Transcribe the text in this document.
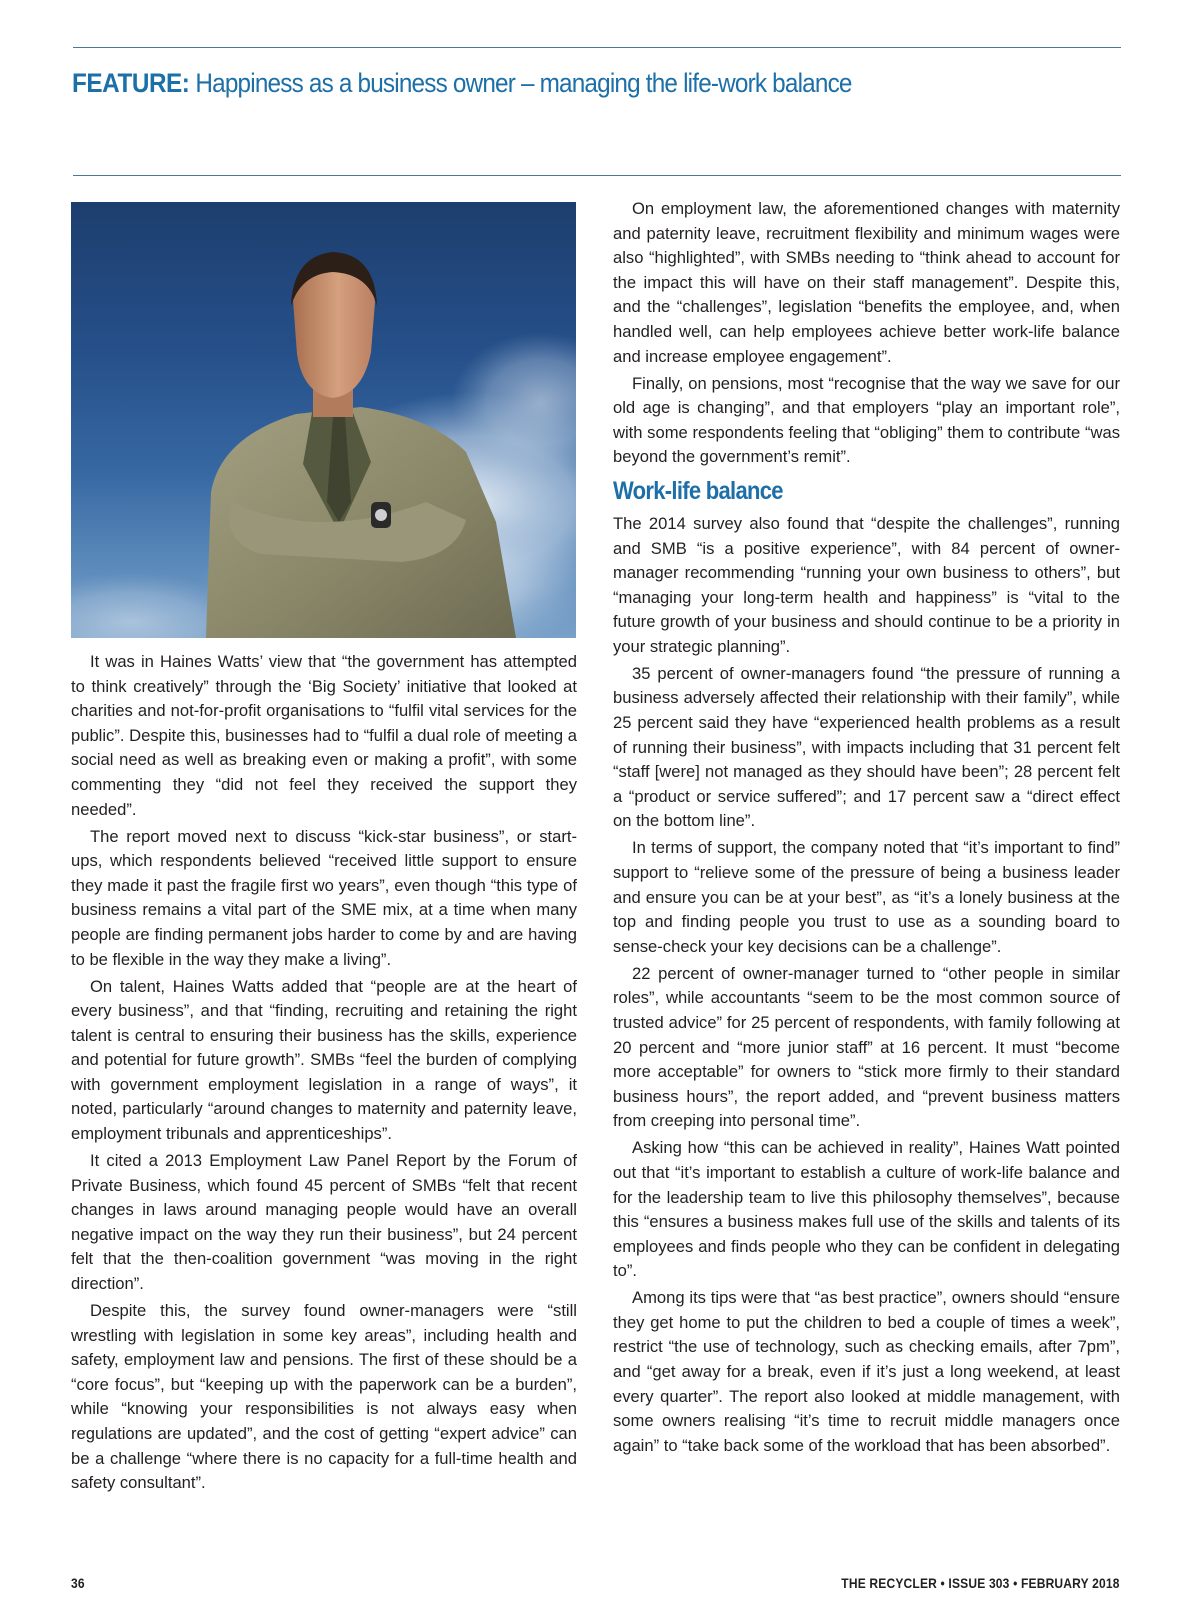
FEATURE: Happiness as a business owner – managing the life-work balance

It was in Haines Watts’ view that “the government has attempted to think creatively” through the ‘Big Society’ initiative that looked at charities and not-for-profit organisations to “fulfil vital services for the public”. Despite this, businesses had to “fulfil a dual role of meeting a social need as well as breaking even or making a profit”, with some commenting they “did not feel they received the support they needed”.

The report moved next to discuss “kick-star business”, or start-ups, which respondents believed “received little support to ensure they made it past the fragile first wo years”, even though “this type of business remains a vital part of the SME mix, at a time when many people are finding permanent jobs harder to come by and are having to be flexible in the way they make a living”.

On talent, Haines Watts added that “people are at the heart of every business”, and that “finding, recruiting and retaining the right talent is central to ensuring their business has the skills, experience and potential for future growth”. SMBs “feel the burden of complying with government employment legislation in a range of ways”, it noted, particularly “around changes to maternity and paternity leave, employment tribunals and apprenticeships”.

It cited a 2013 Employment Law Panel Report by the Forum of Private Business, which found 45 percent of SMBs “felt that recent changes in laws around managing people would have an overall negative impact on the way they run their business”, but 24 percent felt that the then-coalition government “was moving in the right direction”.

Despite this, the survey found owner-managers were “still wrestling with legislation in some key areas”, including health and safety, employment law and pensions. The first of these should be a “core focus”, but “keeping up with the paperwork can be a burden”, while “knowing your responsibilities is not always easy when regulations are updated”, and the cost of getting “expert advice” can be a challenge “where there is no capacity for a full-time health and safety consultant”.

On employment law, the aforementioned changes with maternity and paternity leave, recruitment flexibility and minimum wages were also “highlighted”, with SMBs needing to “think ahead to account for the impact this will have on their staff management”. Despite this, and the “challenges”, legislation “benefits the employee, and, when handled well, can help employees achieve better work-life balance and increase employee engagement”.

Finally, on pensions, most “recognise that the way we save for our old age is changing”, and that employers “play an important role”, with some respondents feeling that “obliging” them to contribute “was beyond the government’s remit”.

Work-life balance

The 2014 survey also found that “despite the challenges”, running and SMB “is a positive experience”, with 84 percent of owner-manager recommending “running your own business to others”, but “managing your long-term health and happiness” is “vital to the future growth of your business and should continue to be a priority in your strategic planning”.

35 percent of owner-managers found “the pressure of running a business adversely affected their relationship with their family”, while 25 percent said they have “experienced health problems as a result of running their business”, with impacts including that 31 percent felt “staff [were] not managed as they should have been”; 28 percent felt a “product or service suffered”; and 17 percent saw a “direct effect on the bottom line”.

In terms of support, the company noted that “it’s important to find” support to “relieve some of the pressure of being a business leader and ensure you can be at your best”, as “it’s a lonely business at the top and finding people you trust to use as a sounding board to sense-check your key decisions can be a challenge”.

22 percent of owner-manager turned to “other people in similar roles”, while accountants “seem to be the most common source of trusted advice” for 25 percent of respondents, with family following at 20 percent and “more junior staff” at 16 percent. It must “become more acceptable” for owners to “stick more firmly to their standard business hours”, the report added, and “prevent business matters from creeping into personal time”.

Asking how “this can be achieved in reality”, Haines Watt pointed out that “it’s important to establish a culture of work-life balance and for the leadership team to live this philosophy themselves”, because this “ensures a business makes full use of the skills and talents of its employees and finds people who they can be confident in delegating to”.

Among its tips were that “as best practice”, owners should “ensure they get home to put the children to bed a couple of times a week”, restrict “the use of technology, such as checking emails, after 7pm”, and “get away for a break, even if it’s just a long weekend, at least every quarter”. The report also looked at middle management, with some owners realising “it’s time to recruit middle managers once again” to “take back some of the workload that has been absorbed”.

36	THE RECYCLER • ISSUE 303 • FEBRUARY 2018
